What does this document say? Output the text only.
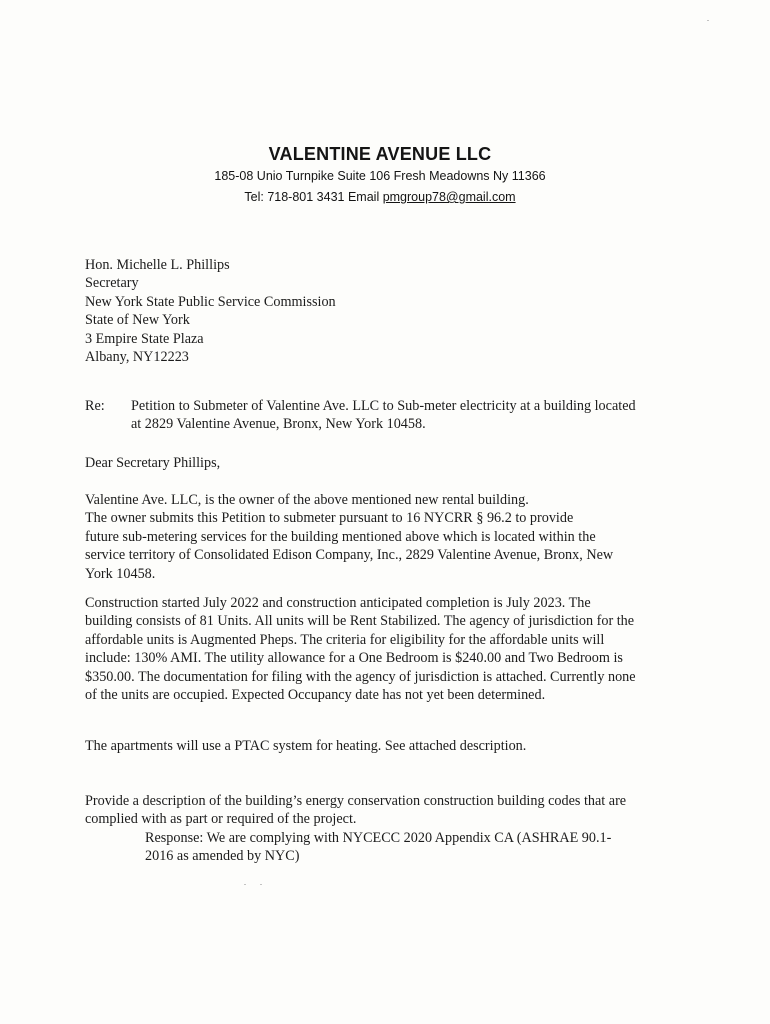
VALENTINE AVENUE LLC
185-08 Unio Turnpike Suite 106 Fresh Meadowns Ny 11366
Tel: 718-801 3431 Email pmgroup78@gmail.com
Hon. Michelle L. Phillips
Secretary
New York State Public Service Commission
State of New York
3 Empire State Plaza
Albany, NY12223
Re: Petition to Submeter of Valentine Ave. LLC to Sub-meter electricity at a building located
at 2829 Valentine Avenue, Bronx, New York 10458.
Dear Secretary Phillips,
Valentine Ave. LLC, is the owner of the above mentioned new rental building.
The owner submits this Petition to submeter pursuant to 16 NYCRR § 96.2 to provide
future sub-metering services for the building mentioned above which is located within the
service territory of Consolidated Edison Company, Inc., 2829 Valentine Avenue, Bronx, New
York 10458.
Construction started July 2022 and construction anticipated completion is July 2023. The
building consists of 81 Units. All units will be Rent Stabilized. The agency of jurisdiction for the
affordable units is Augmented Pheps. The criteria for eligibility for the affordable units will
include: 130% AMI. The utility allowance for a One Bedroom is $240.00 and Two Bedroom is
$350.00. The documentation for filing with the agency of jurisdiction is attached. Currently none
of the units are occupied. Expected Occupancy date has not yet been determined.
The apartments will use a PTAC system for heating. See attached description.
Provide a description of the building’s energy conservation construction building codes that are
complied with as part or required of the project.
Response: We are complying with NYCECC 2020 Appendix CA (ASHRAE 90.1-
2016 as amended by NYC)
